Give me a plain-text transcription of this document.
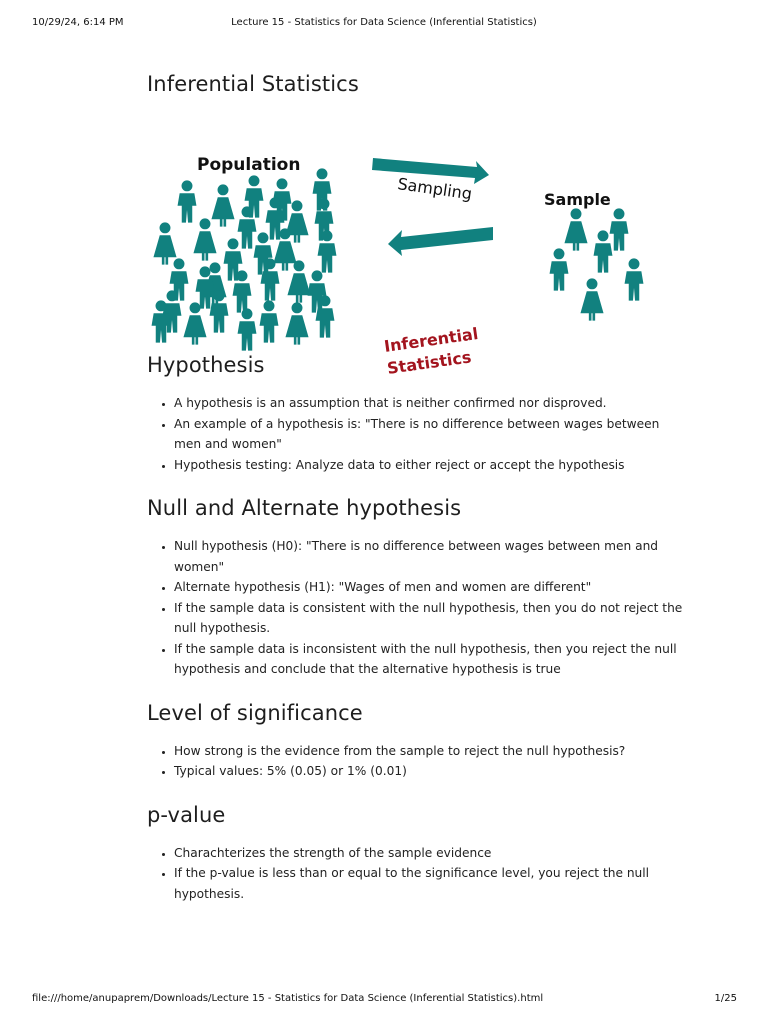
10/29/24, 6:14 PM	Lecture 15 - Statistics for Data Science (Inferential Statistics)
Inferential Statistics
Population
Sample
Sampling
Inferential
Statistics
Hypothesis
• A hypothesis is an assumption that is neither confirmed nor disproved.
• An example of a hypothesis is: "There is no difference between wages between men and women"
• Hypothesis testing: Analyze data to either reject or accept the hypothesis
Null and Alternate hypothesis
• Null hypothesis (H0): "There is no difference between wages between men and women"
• Alternate hypothesis (H1): "Wages of men and women are different"
• If the sample data is consistent with the null hypothesis, then you do not reject the null hypothesis.
• If the sample data is inconsistent with the null hypothesis, then you reject the null hypothesis and conclude that the alternative hypothesis is true
Level of significance
• How strong is the evidence from the sample to reject the null hypothesis?
• Typical values: 5% (0.05) or 1% (0.01)
p-value
• Charachterizes the strength of the sample evidence
• If the p-value is less than or equal to the significance level, you reject the null hypothesis.
file:///home/anupaprem/Downloads/Lecture 15 - Statistics for Data Science (Inferential Statistics).html	1/25
